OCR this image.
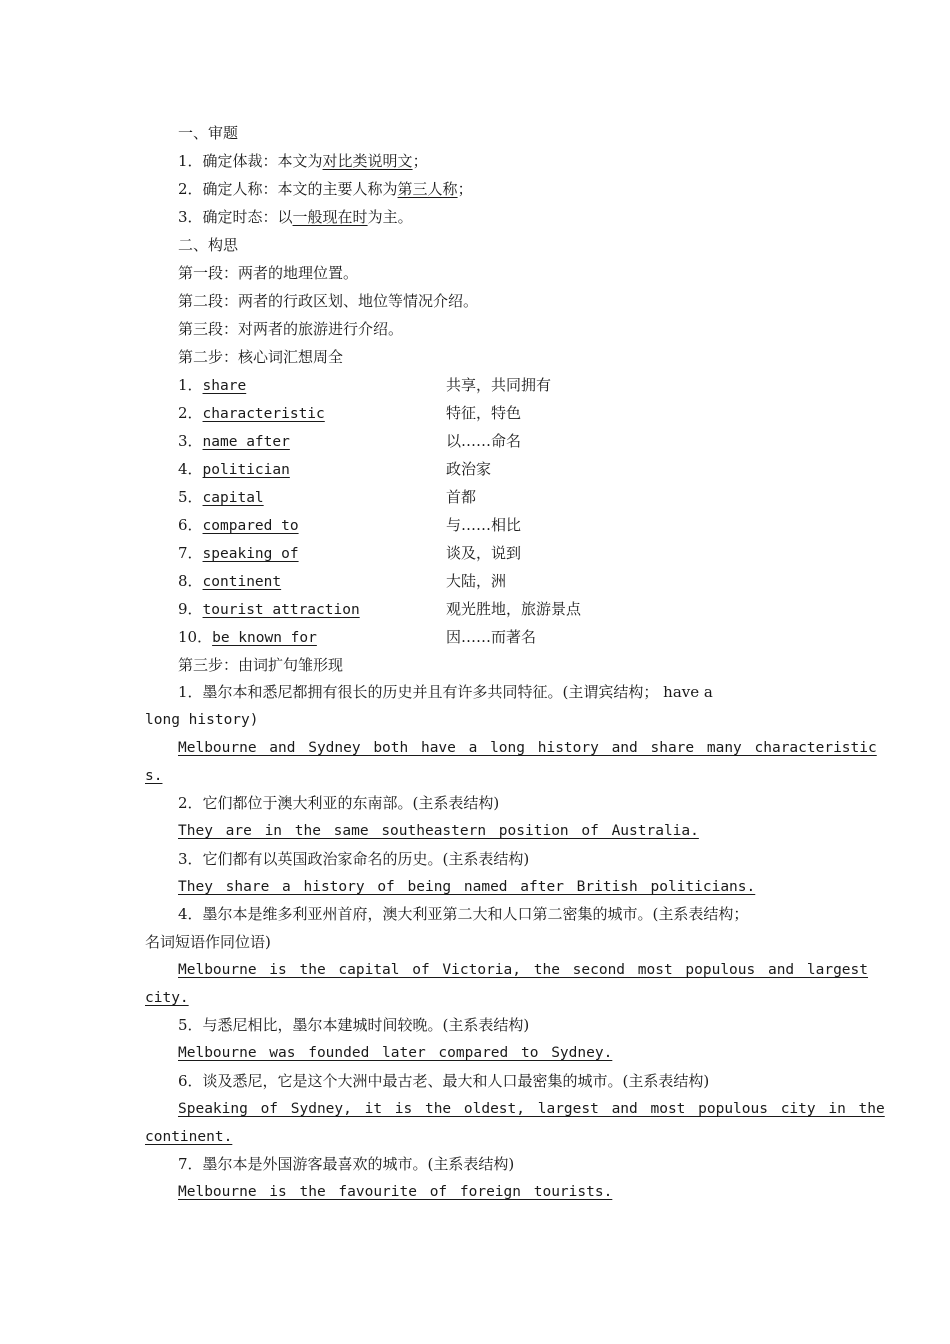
一、审题
1．确定体裁：本文为对比类说明文；
2．确定人称：本文的主要人称为第三人称；
3．确定时态：以一般现在时为主。
二、构思
第一段：两者的地理位置。
第二段：两者的行政区划、地位等情况介绍。
第三段：对两者的旅游进行介绍。
第二步：核心词汇想周全
1．share	共享，共同拥有
2．characteristic	特征，特色
3．name after	以……命名
4．politician	政治家
5．capital	首都
6．compared to	与……相比
7．speaking of	谈及，说到
8．continent	大陆，洲
9．tourist attraction	观光胜地，旅游景点
10．be known for	因……而著名
第三步：由词扩句雏形现
1．墨尔本和悉尼都拥有很长的历史并且有许多共同特征。(主谓宾结构； have a
long history)
Melbourne and Sydney both have a long history and share many characteristic
s.
2．它们都位于澳大利亚的东南部。(主系表结构)
They are in the same southeastern position of Australia.
3．它们都有以英国政治家命名的历史。(主系表结构)
They share a history of being named after British politicians.
4．墨尔本是维多利亚州首府，澳大利亚第二大和人口第二密集的城市。(主系表结构；
名词短语作同位语)
Melbourne is the capital of Victoria, the second most populous and largest
city.
5．与悉尼相比，墨尔本建城时间较晚。(主系表结构)
Melbourne was founded later compared to Sydney.
6．谈及悉尼，它是这个大洲中最古老、最大和人口最密集的城市。(主系表结构)
Speaking of Sydney, it is the oldest, largest and most populous city in the
continent.
7．墨尔本是外国游客最喜欢的城市。(主系表结构)
Melbourne is the favourite of foreign tourists.
